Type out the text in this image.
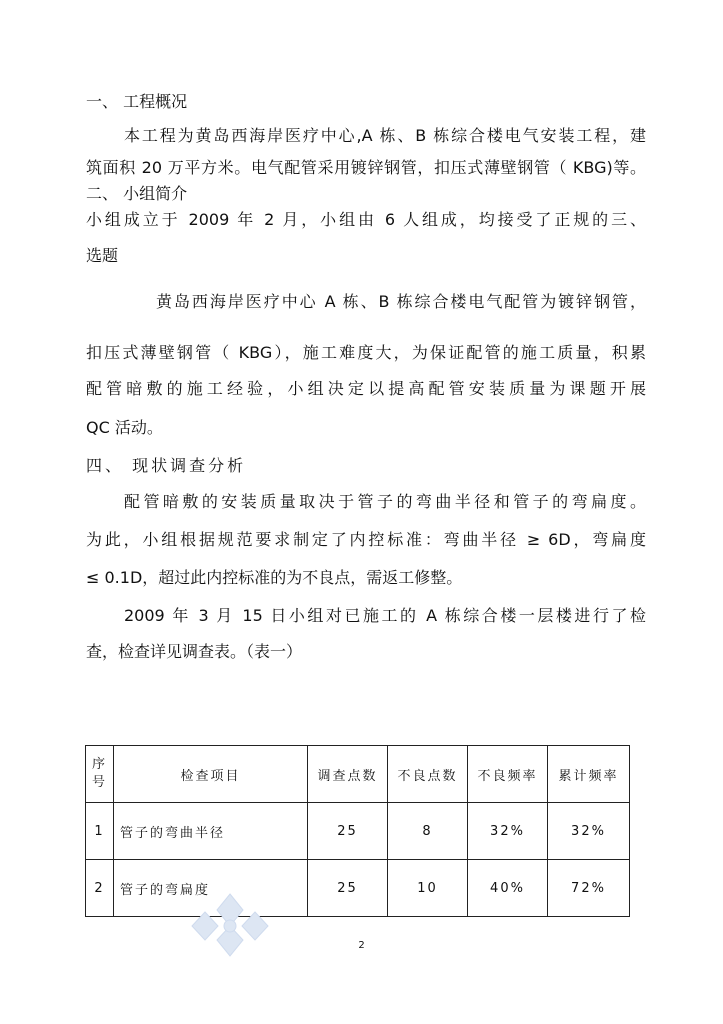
一、 工程概况
本工程为黄岛西海岸医疗中心,A 栋、B 栋综合楼电气安装工程，建
筑面积 20 万平方米。电气配管采用镀锌钢管，扣压式薄壁钢管（ KBG)等。
二、 小组简介
小组成立于 2009 年 2 月，小组由 6 人组成，均接受了正规的三、
选题
黄岛西海岸医疗中心 A 栋、B 栋综合楼电气配管为镀锌钢管，
扣压式薄壁钢管（ KBG），施工难度大，为保证配管的施工质量，积累
配管暗敷的施工经验，小组决定以提高配管安装质量为课题开展
QC 活动。
四、 现状调查分析
配管暗敷的安装质量取决于管子的弯曲半径和管子的弯扁度。
为此，小组根据规范要求制定了内控标准：弯曲半径 ≥ 6D，弯扁度
≤ 0.1D，超过此内控标准的为不良点，需返工修整。
2009 年 3 月 15 日小组对已施工的 A 栋综合楼一层楼进行了检
查，检查详见调查表。（表一）
序
号	检查项目	调查点数	不良点数	不良频率	累计频率
1	管子的弯曲半径	25	8	32%	32%
2	管子的弯扁度	25	10	40%	72%
2
